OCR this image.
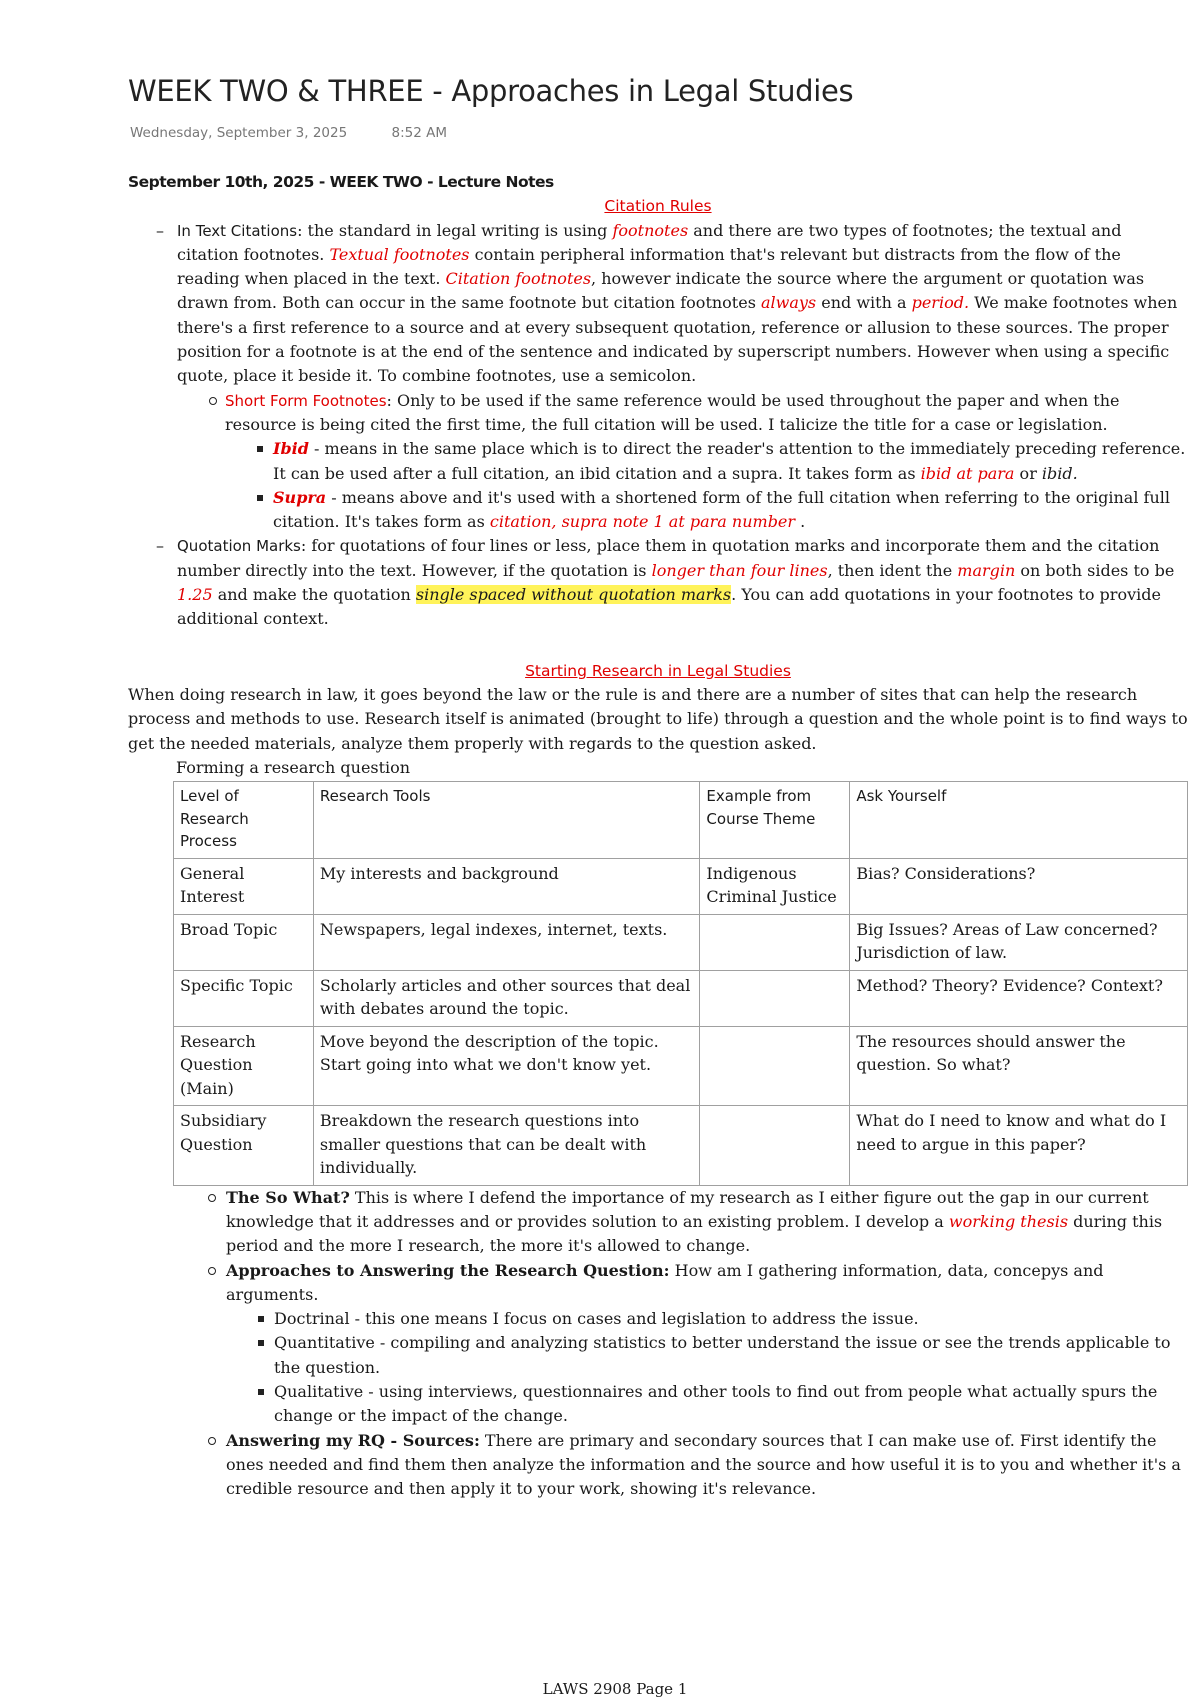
WEEK TWO & THREE - Approaches in Legal Studies
Wednesday, September 3, 2025	8:52 AM

September 10th, 2025 - WEEK TWO - Lecture Notes

Citation Rules

– In Text Citations: the standard in legal writing is using footnotes and there are two types of footnotes; the textual and citation footnotes. Textual footnotes contain peripheral information that's relevant but distracts from the flow of the reading when placed in the text. Citation footnotes, however indicate the source where the argument or quotation was drawn from. Both can occur in the same footnote but citation footnotes always end with a period. We make footnotes when there's a first reference to a source and at every subsequent quotation, reference or allusion to these sources. The proper position for a footnote is at the end of the sentence and indicated by superscript numbers. However when using a specific quote, place it beside it. To combine footnotes, use a semicolon.
Short Form Footnotes: Only to be used if the same reference would be used throughout the paper and when the resource is being cited the first time, the full citation will be used. I talicize the title for a case or legislation.
Ibid - means in the same place which is to direct the reader's attention to the immediately preceding reference. It can be used after a full citation, an ibid citation and a supra. It takes form as ibid at para or ibid.
Supra - means above and it's used with a shortened form of the full citation when referring to the original full citation. It's takes form as citation, supra note 1 at para number .
– Quotation Marks: for quotations of four lines or less, place them in quotation marks and incorporate them and the citation number directly into the text. However, if the quotation is longer than four lines, then ident the margin on both sides to be 1.25 and make the quotation single spaced without quotation marks. You can add quotations in your footnotes to provide additional context.

Starting Research in Legal Studies

When doing research in law, it goes beyond the law or the rule is and there are a number of sites that can help the research process and methods to use. Research itself is animated (brought to life) through a question and the whole point is to find ways to get the needed materials, analyze them properly with regards to the question asked.

Forming a research question

Level of Research Process	Research Tools	Example from Course Theme	Ask Yourself
General Interest	My interests and background	Indigenous Criminal Justice	Bias? Considerations?
Broad Topic	Newspapers, legal indexes, internet, texts.		Big Issues? Areas of Law concerned? Jurisdiction of law.
Specific Topic	Scholarly articles and other sources that deal with debates around the topic.		Method? Theory? Evidence? Context?
Research Question (Main)	Move beyond the description of the topic. Start going into what we don't know yet.		The resources should answer the question. So what?
Subsidiary Question	Breakdown the research questions into smaller questions that can be dealt with individually.		What do I need to know and what do I need to argue in this paper?
The So What? This is where I defend the importance of my research as I either figure out the gap in our current knowledge that it addresses and or provides solution to an existing problem. I develop a working thesis during this period and the more I research, the more it's allowed to change.
Approaches to Answering the Research Question: How am I gathering information, data, concepys and arguments.
Doctrinal - this one means I focus on cases and legislation to address the issue.
Quantitative - compiling and analyzing statistics to better understand the issue or see the trends applicable to the question.
Qualitative - using interviews, questionnaires and other tools to find out from people what actually spurs the change or the impact of the change.
Answering my RQ - Sources: There are primary and secondary sources that I can make use of. First identify the ones needed and find them then analyze the information and the source and how useful it is to you and whether it's a credible resource and then apply it to your work, showing it's relevance.
LAWS 2908 Page 1
